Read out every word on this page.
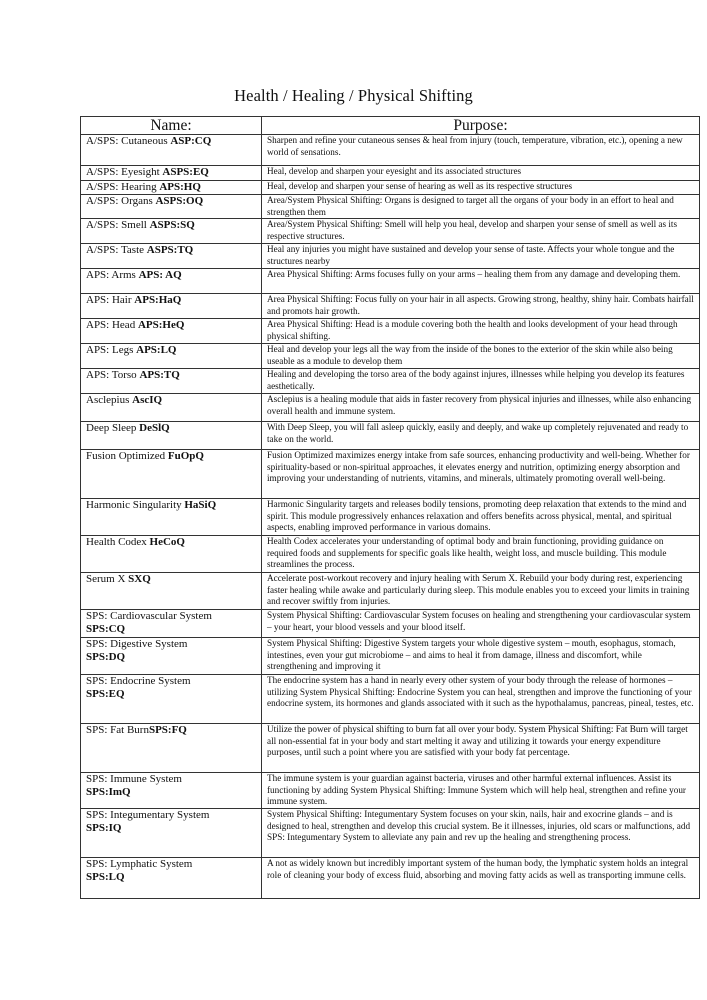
Health / Healing / Physical Shifting
Name:	Purpose:
A/SPS: Cutaneous ASP:CQ	Sharpen and refine your cutaneous senses & heal from injury (touch, temperature, vibration, etc.), opening a new world of sensations.
A/SPS: Eyesight ASPS:EQ	Heal, develop and sharpen your eyesight and its associated structures
A/SPS: Hearing APS:HQ	Heal, develop and sharpen your sense of hearing as well as its respective structures
A/SPS: Organs ASPS:OQ	Area/System Physical Shifting: Organs is designed to target all the organs of your body in an effort to heal and strengthen them
A/SPS: Smell ASPS:SQ	Area/System Physical Shifting: Smell will help you heal, develop and sharpen your sense of smell as well as its respective structures.
A/SPS: Taste ASPS:TQ	Heal any injuries you might have sustained and develop your sense of taste. Affects your whole tongue and the structures nearby
APS: Arms APS: AQ	Area Physical Shifting: Arms focuses fully on your arms – healing them from any damage and developing them.
APS: Hair APS:HaQ	Area Physical Shifting: Focus fully on your hair in all aspects. Growing strong, healthy, shiny hair. Combats hairfall and promots hair growth.
APS: Head APS:HeQ	Area Physical Shifting: Head is a module covering both the health and looks development of your head through physical shifting.
APS: Legs APS:LQ	Heal and develop your legs all the way from the inside of the bones to the exterior of the skin while also being useable as a module to develop them
APS: Torso APS:TQ	Healing and developing the torso area of the body against injures, illnesses while helping you develop its features aesthetically.
Asclepius AscIQ	Asclepius is a healing module that aids in faster recovery from physical injuries and illnesses, while also enhancing overall health and immune system.
Deep Sleep DeSlQ	With Deep Sleep, you will fall asleep quickly, easily and deeply, and wake up completely rejuvenated and ready to take on the world.
Fusion Optimized FuOpQ	Fusion Optimized maximizes energy intake from safe sources, enhancing productivity and well-being. Whether for spirituality-based or non-spiritual approaches, it elevates energy and nutrition, optimizing energy absorption and improving your understanding of nutrients, vitamins, and minerals, ultimately promoting overall well-being.
Harmonic Singularity HaSiQ	Harmonic Singularity targets and releases bodily tensions, promoting deep relaxation that extends to the mind and spirit. This module progressively enhances relaxation and offers benefits across physical, mental, and spiritual aspects, enabling improved performance in various domains.
Health Codex HeCoQ	Health Codex accelerates your understanding of optimal body and brain functioning, providing guidance on required foods and supplements for specific goals like health, weight loss, and muscle building. This module streamlines the process.
Serum X SXQ	Accelerate post-workout recovery and injury healing with Serum X. Rebuild your body during rest, experiencing faster healing while awake and particularly during sleep. This module enables you to exceed your limits in training and recover swiftly from injuries.
SPS: Cardiovascular System
SPS:CQ	System Physical Shifting: Cardiovascular System focuses on healing and strengthening your cardiovascular system – your heart, your blood vessels and your blood itself.
SPS: Digestive System
SPS:DQ	System Physical Shifting: Digestive System targets your whole digestive system – mouth, esophagus, stomach, intestines, even your gut microbiome – and aims to heal it from damage, illness and discomfort, while strengthening and improving it
SPS: Endocrine System
SPS:EQ	The endocrine system has a hand in nearly every other system of your body through the release of hormones – utilizing System Physical Shifting: Endocrine System you can heal, strengthen and improve the functioning of your endocrine system, its hormones and glands associated with it such as the hypothalamus, pancreas, pineal, testes, etc.
SPS: Fat BurnSPS:FQ	Utilize the power of physical shifting to burn fat all over your body. System Physical Shifting: Fat Burn will target all non-essential fat in your body and start melting it away and utilizing it towards your energy expenditure purposes, until such a point where you are satisfied with your body fat percentage.
SPS: Immune System
SPS:ImQ	The immune system is your guardian against bacteria, viruses and other harmful external influences. Assist its functioning by adding System Physical Shifting: Immune System which will help heal, strengthen and refine your immune system.
SPS: Integumentary System
SPS:IQ	System Physical Shifting: Integumentary System focuses on your skin, nails, hair and exocrine glands – and is designed to heal, strengthen and develop this crucial system. Be it illnesses, injuries, old scars or malfunctions, add SPS: Integumentary System to alleviate any pain and rev up the healing and strengthening process.
SPS: Lymphatic System
SPS:LQ	A not as widely known but incredibly important system of the human body, the lymphatic system holds an integral role of cleaning your body of excess fluid, absorbing and moving fatty acids as well as transporting immune cells.
